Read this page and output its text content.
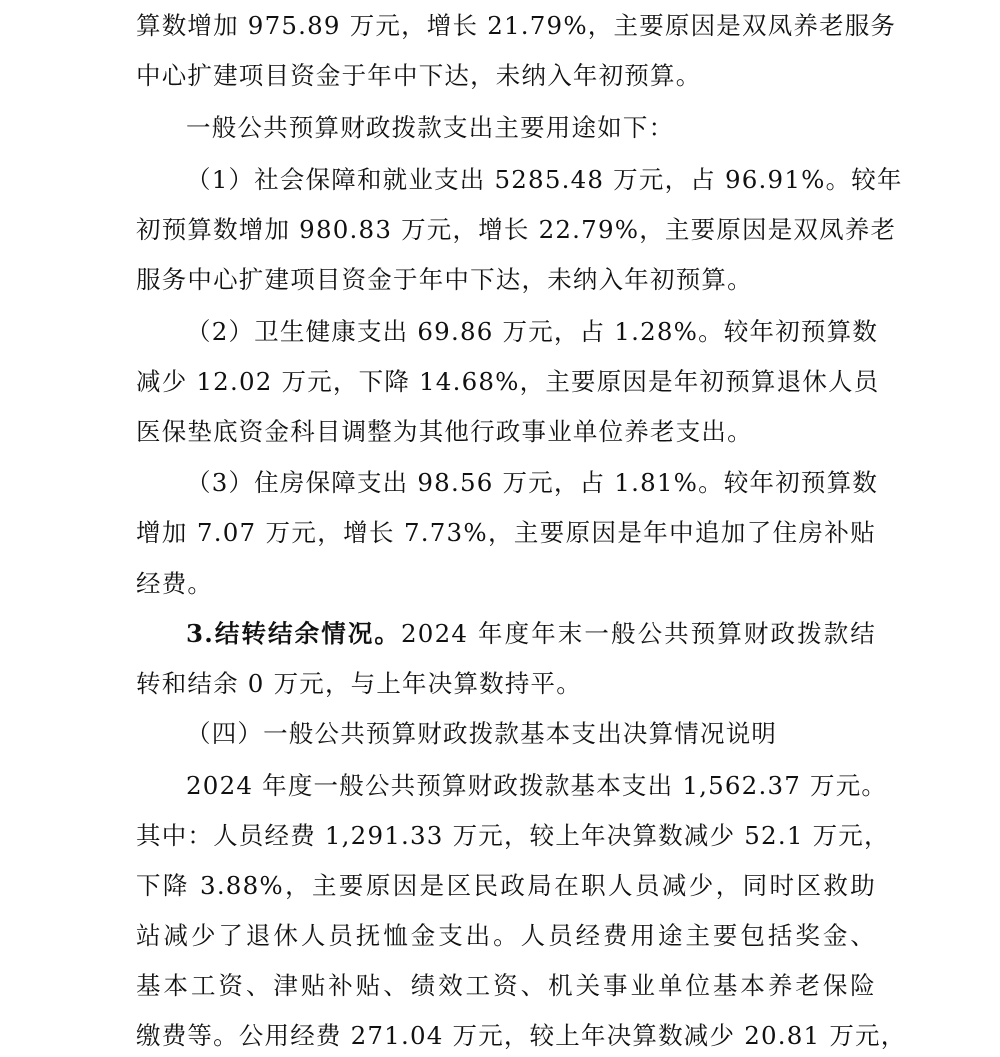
算数增加 975.89 万元，增长 21.79%，主要原因是双凤养老服务
中心扩建项目资金于年中下达，未纳入年初预算。
一般公共预算财政拨款支出主要用途如下：
（1）社会保障和就业支出 5285.48 万元，占 96.91%。较年
初预算数增加 980.83 万元，增长 22.79%，主要原因是双凤养老
服务中心扩建项目资金于年中下达，未纳入年初预算。
（2）卫生健康支出 69.86 万元，占 1.28%。较年初预算数
减少 12.02 万元，下降 14.68%，主要原因是年初预算退休人员
医保垫底资金科目调整为其他行政事业单位养老支出。
（3）住房保障支出 98.56 万元，占 1.81%。较年初预算数
增加 7.07 万元，增长 7.73%，主要原因是年中追加了住房补贴
经费。
3.结转结余情况。2024 年度年末一般公共预算财政拨款结
转和结余 0 万元，与上年决算数持平。
（四）一般公共预算财政拨款基本支出决算情况说明
2024 年度一般公共预算财政拨款基本支出 1,562.37 万元。
其中：人员经费 1,291.33 万元，较上年决算数减少 52.1 万元，
下降 3.88%，主要原因是区民政局在职人员减少，同时区救助
站减少了退休人员抚恤金支出。人员经费用途主要包括奖金、
基本工资、津贴补贴、绩效工资、机关事业单位基本养老保险
缴费等。公用经费 271.04 万元，较上年决算数减少 20.81 万元，
